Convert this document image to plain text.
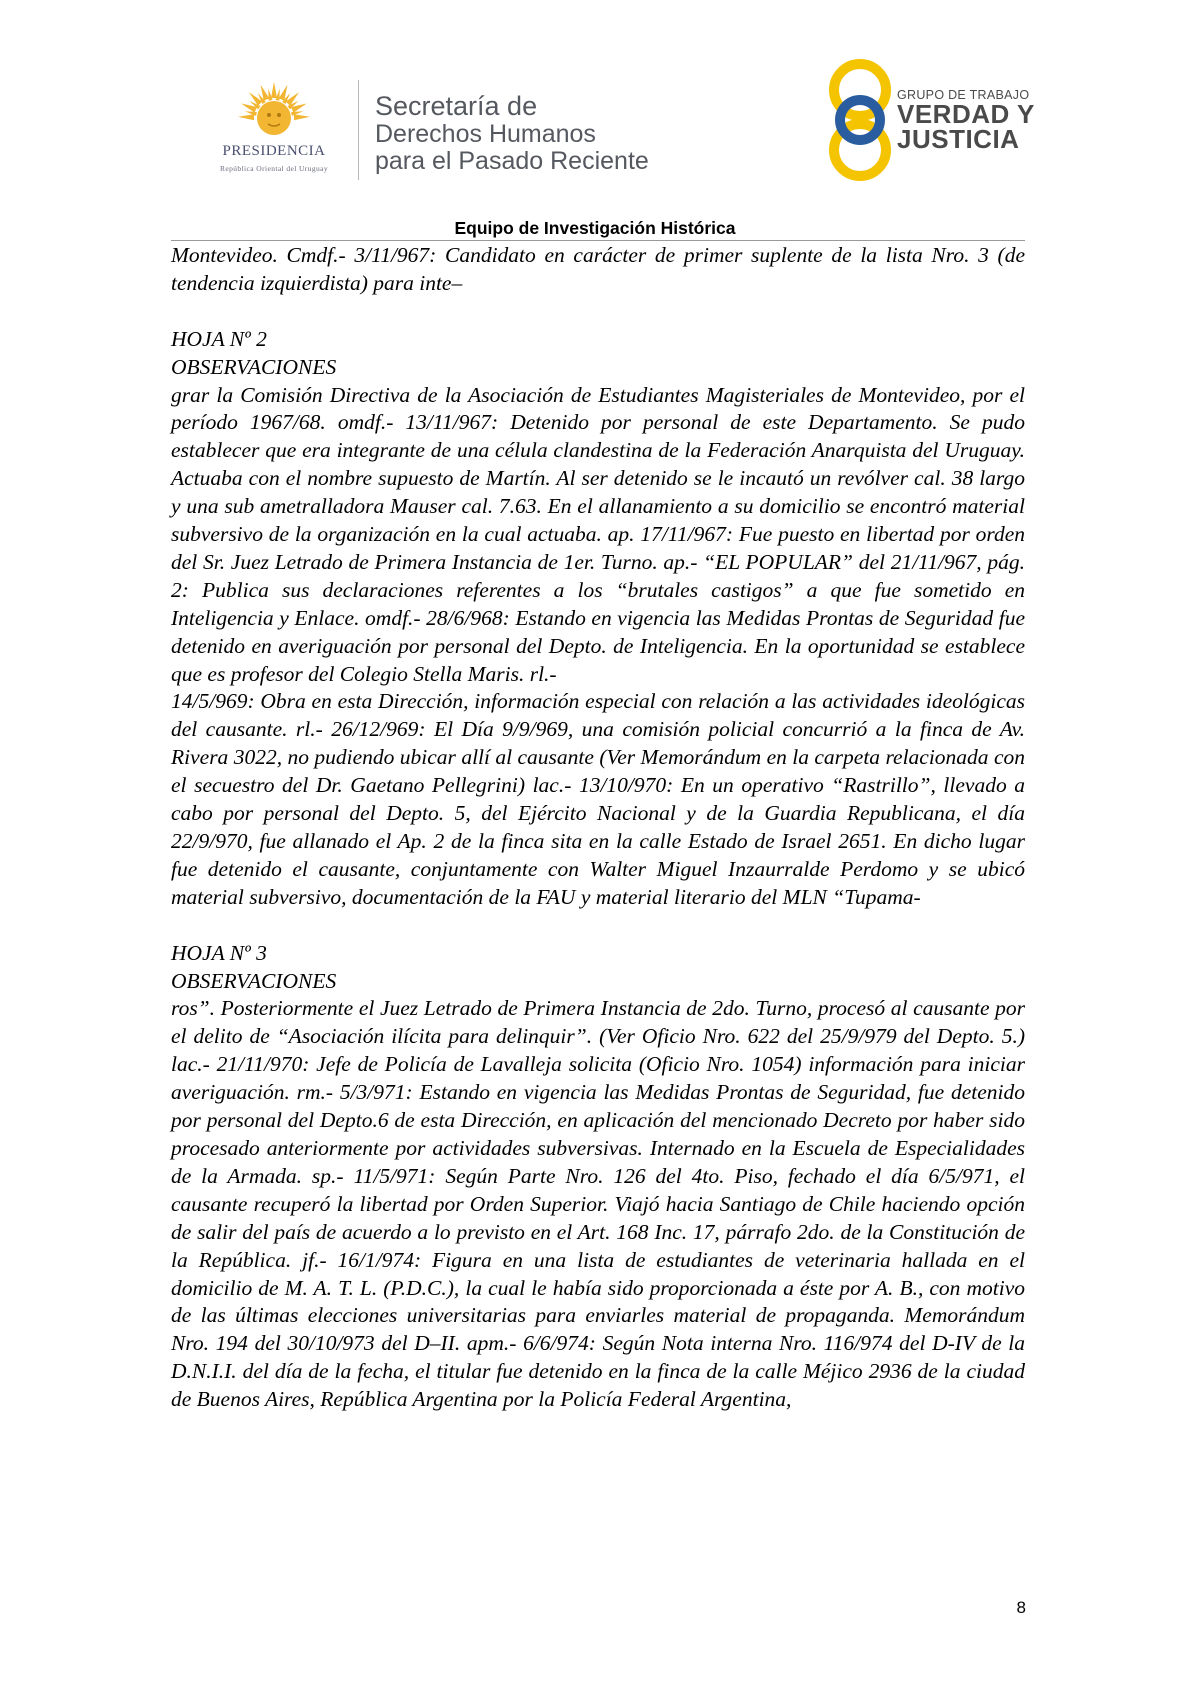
PRESIDENCIA
República Oriental del Uruguay
Secretaría de
Derechos Humanos
para el Pasado Reciente
GRUPO DE TRABAJO
VERDAD Y
JUSTICIA
Equipo de Investigación Histórica

Montevideo. Cmdf.- 3/11/967: Candidato en carácter de primer suplente de la lista Nro. 3 (de tendencia izquierdista) para inte–

HOJA Nº 2

OBSERVACIONES

grar la Comisión Directiva de la Asociación de Estudiantes Magisteriales de Montevideo, por el período 1967/68. omdf.- 13/11/967: Detenido por personal de este Departamento. Se pudo establecer que era integrante de una célula clandestina de la Federación Anarquista del Uruguay. Actuaba con el nombre supuesto de Martín. Al ser detenido se le incautó un revólver cal. 38 largo y una sub ametralladora Mauser cal. 7.63. En el allanamiento a su domicilio se encontró material subversivo de la organización en la cual actuaba. ap. 17/11/967: Fue puesto en libertad por orden del Sr. Juez Letrado de Primera Instancia de 1er. Turno. ap.- “EL POPULAR” del 21/11/967, pág. 2: Publica sus declaraciones referentes a los “brutales castigos” a que fue sometido en Inteligencia y Enlace. omdf.- 28/6/968: Estando en vigencia las Medidas Prontas de Seguridad fue detenido en averiguación por personal del Depto. de Inteligencia. En la oportunidad se establece que es profesor del Colegio Stella Maris. rl.-

14/5/969: Obra en esta Dirección, información especial con relación a las actividades ideológicas del causante. rl.- 26/12/969: El Día 9/9/969, una comisión policial concurrió a la finca de Av. Rivera 3022, no pudiendo ubicar allí al causante (Ver Memorándum en la carpeta relacionada con el secuestro del Dr. Gaetano Pellegrini) lac.- 13/10/970: En un operativo “Rastrillo”, llevado a cabo por personal del Depto. 5, del Ejército Nacional y de la Guardia Republicana, el día 22/9/970, fue allanado el Ap. 2 de la finca sita en la calle Estado de Israel 2651. En dicho lugar fue detenido el causante, conjuntamente con Walter Miguel Inzaurralde Perdomo y se ubicó material subversivo, documentación de la FAU y material literario del MLN “Tupama-

HOJA Nº 3

OBSERVACIONES

ros”. Posteriormente el Juez Letrado de Primera Instancia de 2do. Turno, procesó al causante por el delito de “Asociación ilícita para delinquir”. (Ver Oficio Nro. 622 del 25/9/979 del Depto. 5.) lac.- 21/11/970: Jefe de Policía de Lavalleja solicita (Oficio Nro. 1054) información para iniciar averiguación. rm.- 5/3/971: Estando en vigencia las Medidas Prontas de Seguridad, fue detenido por personal del Depto.6 de esta Dirección, en aplicación del mencionado Decreto por haber sido procesado anteriormente por actividades subversivas. Internado en la Escuela de Especialidades de la Armada. sp.- 11/5/971: Según Parte Nro. 126 del 4to. Piso, fechado el día 6/5/971, el causante recuperó la libertad por Orden Superior. Viajó hacia Santiago de Chile haciendo opción de salir del país de acuerdo a lo previsto en el Art. 168 Inc. 17, párrafo 2do. de la Constitución de la República. jf.- 16/1/974: Figura en una lista de estudiantes de veterinaria hallada en el domicilio de M. A. T. L. (P.D.C.), la cual le había sido proporcionada a éste por A. B., con motivo de las últimas elecciones universitarias para enviarles material de propaganda. Memorándum Nro. 194 del 30/10/973 del D–II. apm.- 6/6/974: Según Nota interna Nro. 116/974 del D-IV de la D.N.I.I. del día de la fecha, el titular fue detenido en la finca de la calle Méjico 2936 de la ciudad de Buenos Aires, República Argentina por la Policía Federal Argentina,

8
